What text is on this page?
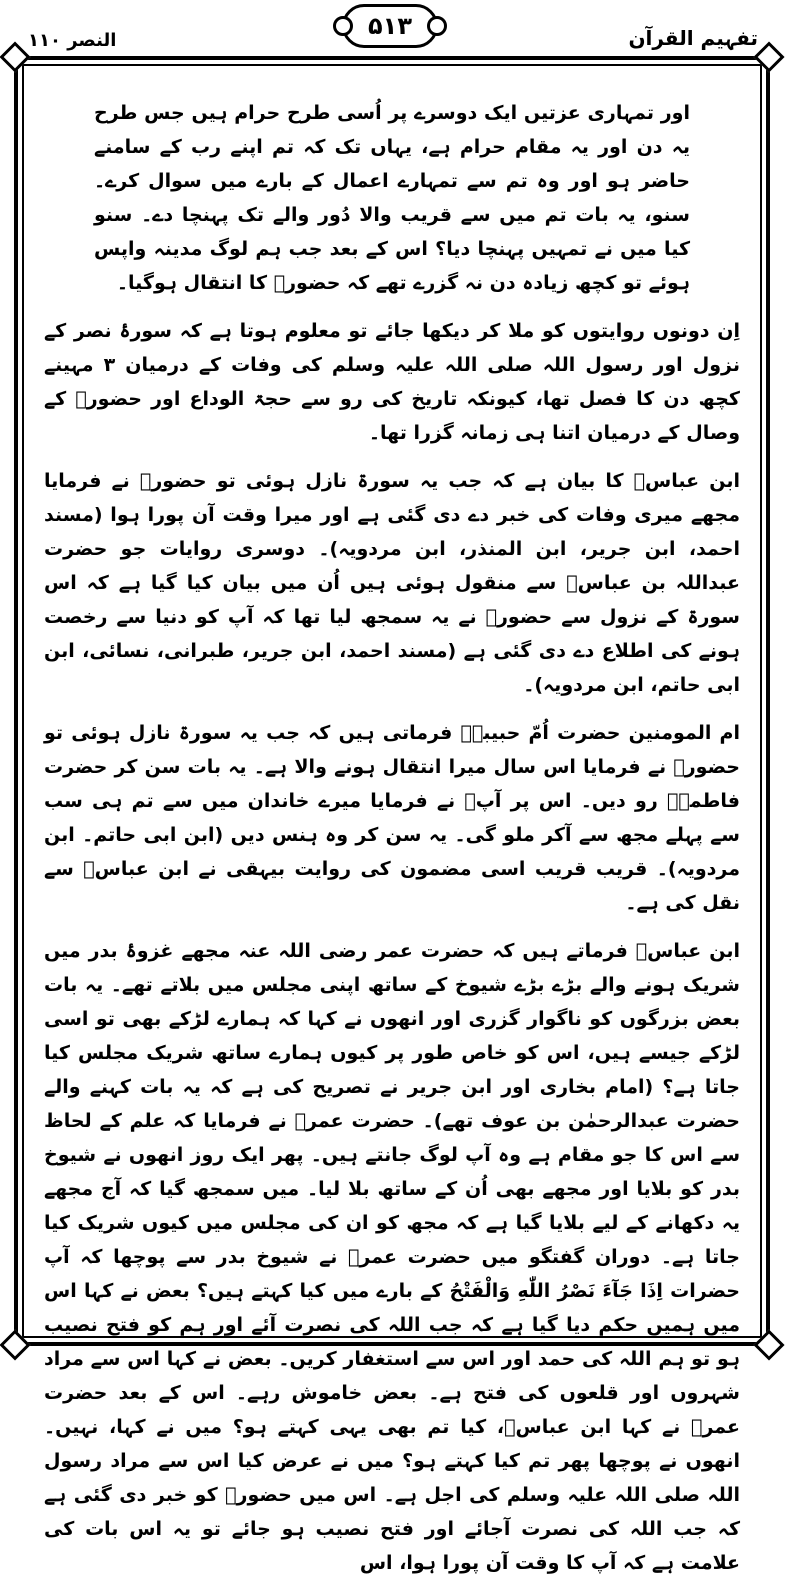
النصر ۱۱۰
۵۱۳	تفہیم القرآن

اور تمہاری عزتیں ایک دوسرے پر اُسی طرح حرام ہیں جس طرح یہ دن اور یہ مقام حرام ہے، یہاں تک کہ تم اپنے رب کے سامنے حاضر ہو اور وہ تم سے تمہارے اعمال کے بارے میں سوال کرے۔ سنو، یہ بات تم میں سے قریب والا دُور والے تک پہنچا دے۔ سنو کیا میں نے تمہیں پہنچا دیا؟ اس کے بعد جب ہم لوگ مدینہ واپس ہوئے تو کچھ زیادہ دن نہ گزرے تھے کہ حضورؐ کا انتقال ہوگیا۔

اِن دونوں روایتوں کو ملا کر دیکھا جائے تو معلوم ہوتا ہے کہ سورۂ نصر کے نزول اور رسول اللہ صلی اللہ علیہ وسلم کی وفات کے درمیان ۳ مہینے کچھ دن کا فصل تھا، کیونکہ تاریخ کی رو سے حجۃ الوداع اور حضورؐ کے وصال کے درمیان اتنا ہی زمانہ گزرا تھا۔

ابن عباسؓ کا بیان ہے کہ جب یہ سورۃ نازل ہوئی تو حضورؐ نے فرمایا مجھے میری وفات کی خبر دے دی گئی ہے اور میرا وقت آن پورا ہوا (مسند احمد، ابن جریر، ابن المنذر، ابن مردویہ)۔ دوسری روایات جو حضرت عبداللہ بن عباسؓ سے منقول ہوئی ہیں اُن میں بیان کیا گیا ہے کہ اس سورۃ کے نزول سے حضورؐ نے یہ سمجھ لیا تھا کہ آپ کو دنیا سے رخصت ہونے کی اطلاع دے دی گئی ہے (مسند احمد، ابن جریر، طبرانی، نسائی، ابن ابی حاتم، ابن مردویہ)۔

ام المومنین حضرت اُمّ حبیبہؓ فرماتی ہیں کہ جب یہ سورۃ نازل ہوئی تو حضورؐ نے فرمایا اس سال میرا انتقال ہونے والا ہے۔ یہ بات سن کر حضرت فاطمہؓ رو دیں۔ اس پر آپؐ نے فرمایا میرے خاندان میں سے تم ہی سب سے پہلے مجھ سے آکر ملو گی۔ یہ سن کر وہ ہنس دیں (ابن ابی حاتم۔ ابن مردویہ)۔ قریب قریب اسی مضمون کی روایت بیہقی نے ابن عباسؓ سے نقل کی ہے۔

ابن عباسؓ فرماتے ہیں کہ حضرت عمر رضی اللہ عنہ مجھے غزوۂ بدر میں شریک ہونے والے بڑے بڑے شیوخ کے ساتھ اپنی مجلس میں بلاتے تھے۔ یہ بات بعض بزرگوں کو ناگوار گزری اور انھوں نے کہا کہ ہمارے لڑکے بھی تو اسی لڑکے جیسے ہیں، اس کو خاص طور پر کیوں ہمارے ساتھ شریک مجلس کیا جاتا ہے؟ (امام بخاری اور ابن جریر نے تصریح کی ہے کہ یہ بات کہنے والے حضرت عبدالرحمٰن بن عوف تھے)۔ حضرت عمرؓ نے فرمایا کہ علم کے لحاظ سے اس کا جو مقام ہے وہ آپ لوگ جانتے ہیں۔ پھر ایک روز انھوں نے شیوخ بدر کو بلایا اور مجھے بھی اُن کے ساتھ بلا لیا۔ میں سمجھ گیا کہ آج مجھے یہ دکھانے کے لیے بلایا گیا ہے کہ مجھ کو ان کی مجلس میں کیوں شریک کیا جاتا ہے۔ دوران گفتگو میں حضرت عمرؓ نے شیوخ بدر سے پوچھا کہ آپ حضرات اِذَا جَآءَ نَصْرُ اللّٰهِ وَالْفَتْحُ کے بارے میں کیا کہتے ہیں؟ بعض نے کہا اس میں ہمیں حکم دیا گیا ہے کہ جب اللہ کی نصرت آئے اور ہم کو فتح نصیب ہو تو ہم اللہ کی حمد اور اس سے استغفار کریں۔ بعض نے کہا اس سے مراد شہروں اور قلعوں کی فتح ہے۔ بعض خاموش رہے۔ اس کے بعد حضرت عمرؓ نے کہا ابن عباسؓ، کیا تم بھی یہی کہتے ہو؟ میں نے کہا، نہیں۔ انھوں نے پوچھا پھر تم کیا کہتے ہو؟ میں نے عرض کیا اس سے مراد رسول اللہ صلی اللہ علیہ وسلم کی اجل ہے۔ اس میں حضورؐ کو خبر دی گئی ہے کہ جب اللہ کی نصرت آجائے اور فتح نصیب ہو جائے تو یہ اس بات کی علامت ہے کہ آپ کا وقت آن پورا ہوا، اس
